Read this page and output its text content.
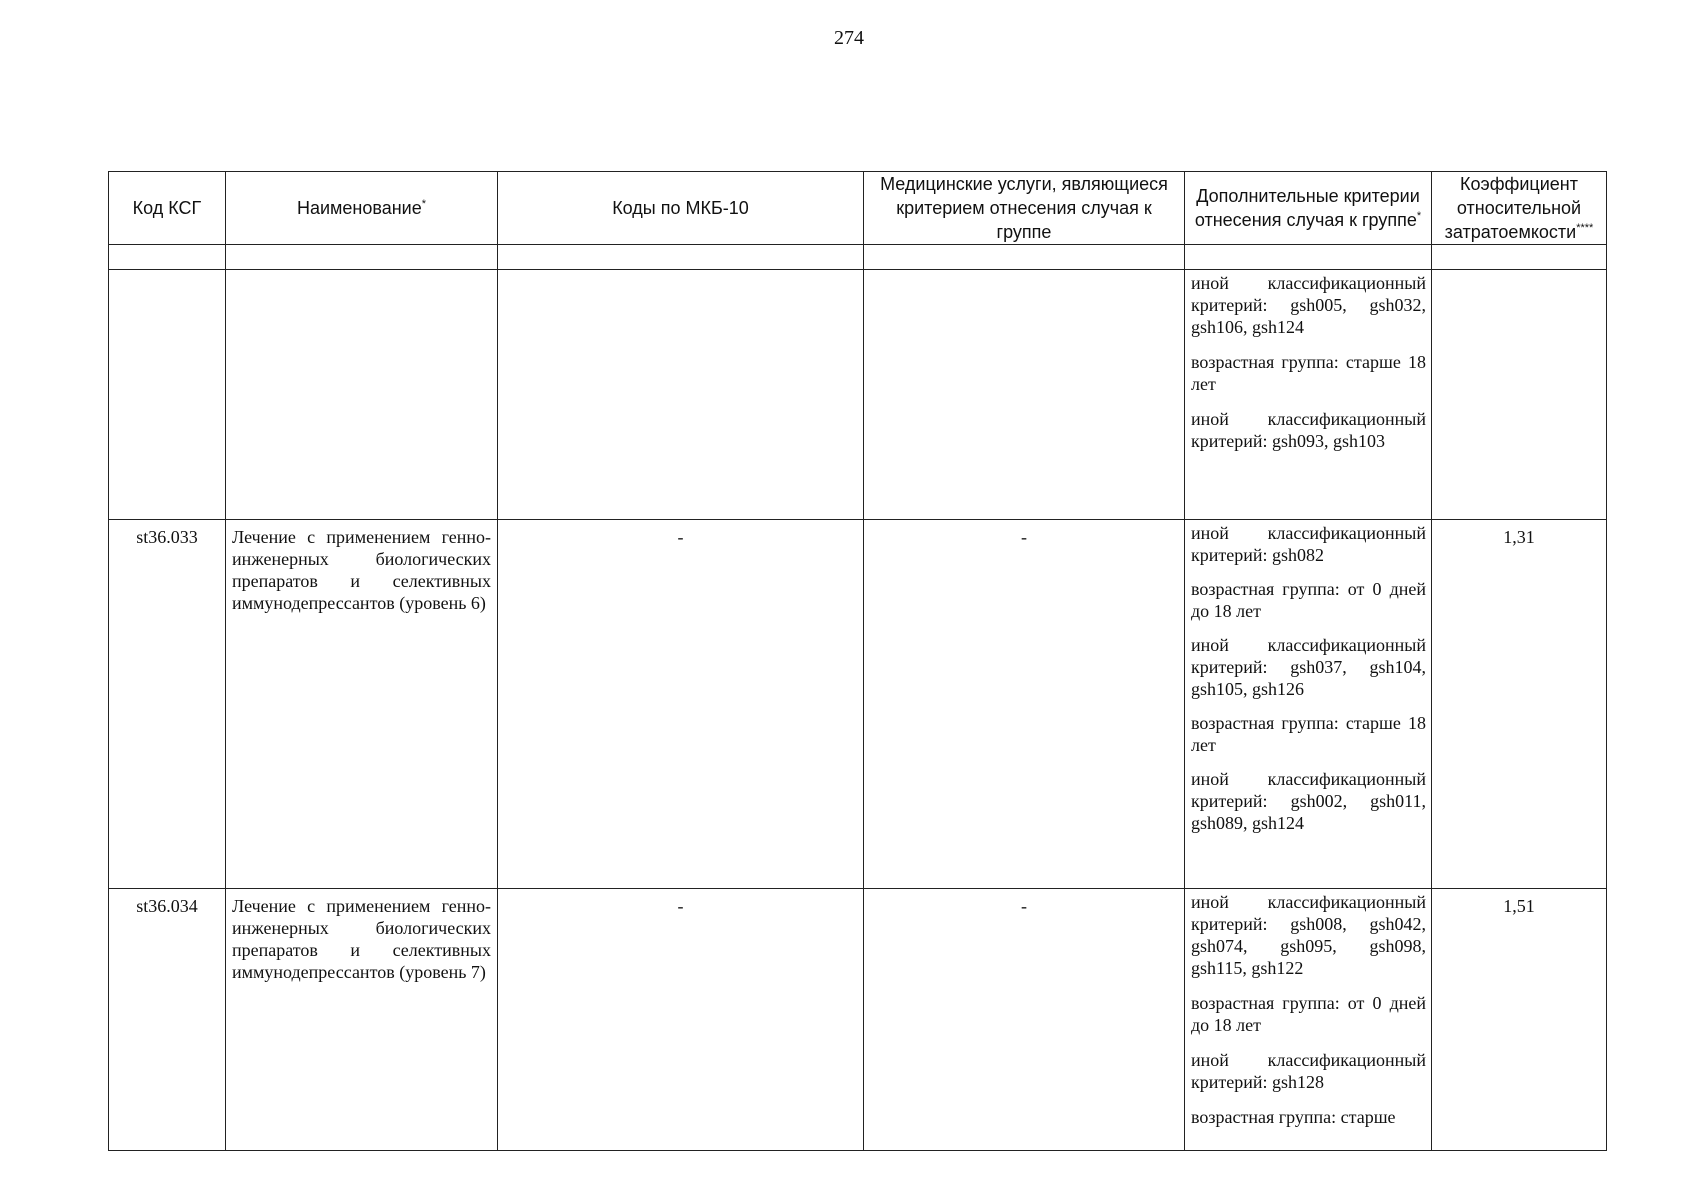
274
Код КСГ	Наименование*	Коды по МКБ-10	Медицинские услуги, являющиеся критерием отнесения случая к группе	Дополнительные критерии отнесения случая к группе*	Коэффициент относительной затратоемкости****

				иной классификационный критерий: gsh005, gsh032, gsh106, gsh124
возрастная группа: старше 18 лет
иной классификационный критерий: gsh093, gsh103	

st36.033	Лечение с применением генно-инженерных биологических препаратов и селективных иммунодепрессантов (уровень 6)	-	-	иной классификационный критерий: gsh082
возрастная группа: от 0 дней до 18 лет
иной классификационный критерий: gsh037, gsh104, gsh105, gsh126
возрастная группа: старше 18 лет
иной классификационный критерий: gsh002, gsh011, gsh089, gsh124	1,31
st36.034	Лечение с применением генно-инженерных биологических препаратов и селективных иммунодепрессантов (уровень 7)	-	-	иной классификационный критерий: gsh008, gsh042, gsh074, gsh095, gsh098, gsh115, gsh122
возрастная группа: от 0 дней до 18 лет
иной классификационный критерий: gsh128
возрастная группа: старше	1,51
